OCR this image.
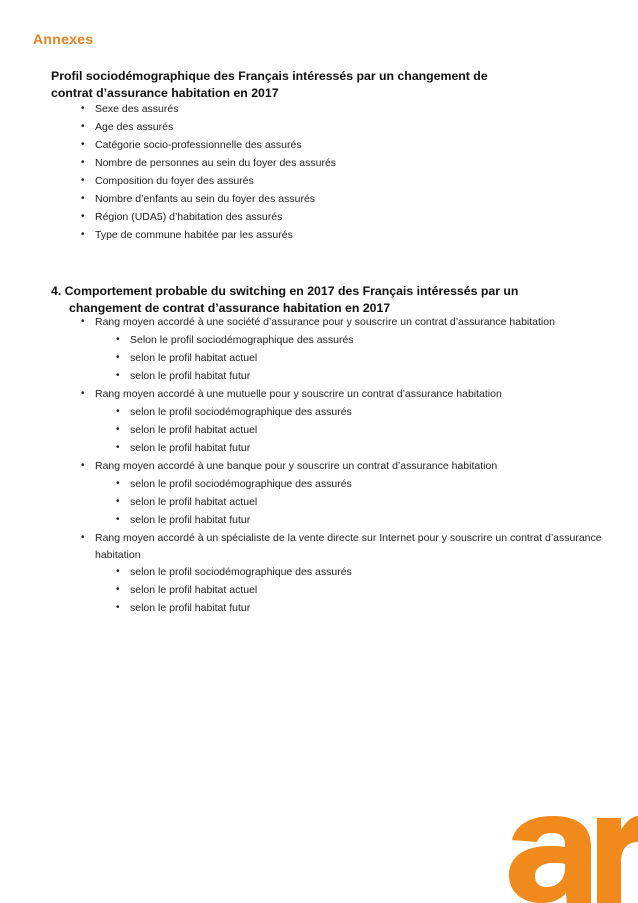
Annexes
Profil sociodémographique des Français intéressés par un changement de
contrat d’assurance habitation en 2017
• Sexe des assurés
• Age des assurés
• Catégorie socio-professionnelle des assurés
• Nombre de personnes au sein du foyer des assurés
• Composition du foyer des assurés
• Nombre d’enfants au sein du foyer des assurés
• Région (UDA5) d’habitation des assurés
• Type de commune habitée par les assurés
4. Comportement probable du switching en 2017 des Français intéressés par un
changement de contrat d’assurance habitation en 2017
• Rang moyen accordé à une société d’assurance pour y souscrire un contrat d’assurance habitation
• Selon le profil sociodémographique des assurés
• selon le profil habitat actuel
• selon le profil habitat futur
• Rang moyen accordé à une mutuelle pour y souscrire un contrat d’assurance habitation
• selon le profil sociodémographique des assurés
• selon le profil habitat actuel
• selon le profil habitat futur
• Rang moyen accordé à une banque pour y souscrire un contrat d’assurance habitation
• selon le profil sociodémographique des assurés
• selon le profil habitat actuel
• selon le profil habitat futur
• Rang moyen accordé à un spécialiste de la vente directe sur Internet pour y souscrire un contrat d’assurance habitation
• selon le profil sociodémographique des assurés
• selon le profil habitat actuel
• selon le profil habitat futur
